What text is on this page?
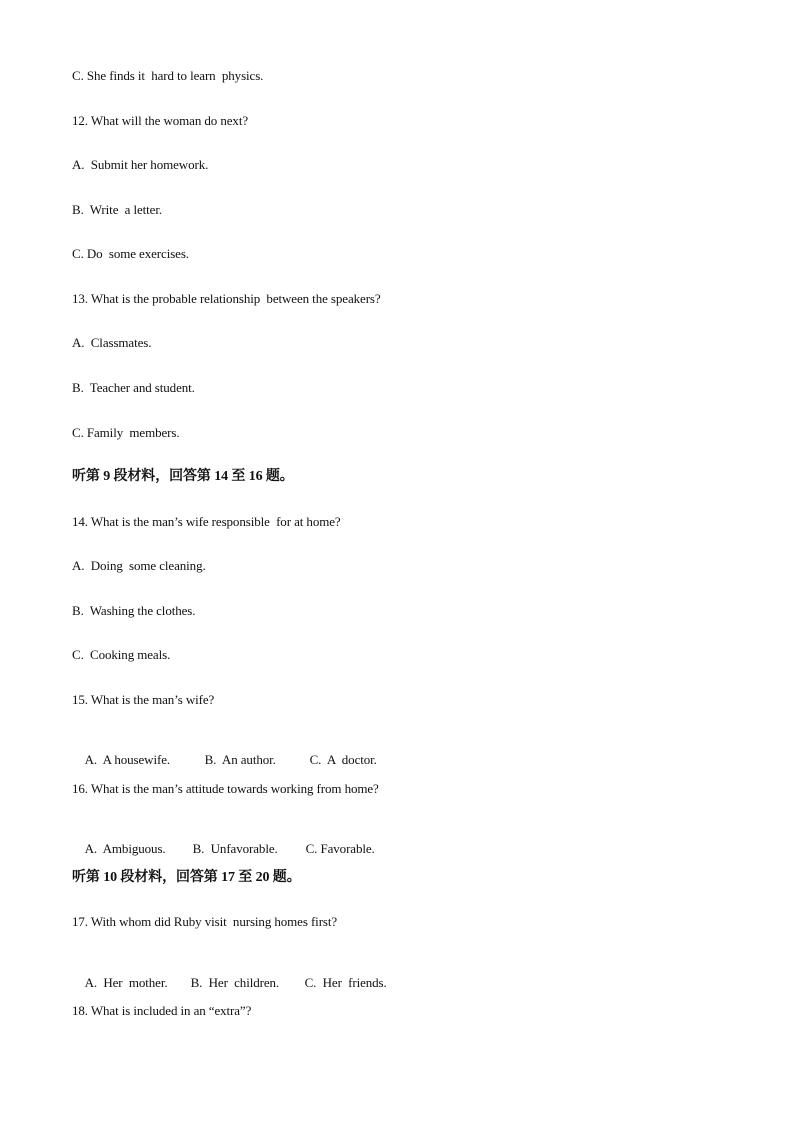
C. She finds it  hard to learn  physics.
12. What will the woman do next?
A.  Submit her homework.
B.  Write  a letter.
C. Do  some exercises.
13. What is the probable relationship  between the speakers?
A.  Classmates.
B.  Teacher and student.
C. Family  members.
听第 9 段材料，回答第 14 至 16 题。
14. What is the man’s wife responsible  for at home?
A.  Doing  some cleaning.
B.  Washing the clothes.
C.  Cooking meals.
15. What is the man’s wife?

A.  A housewife.	B.  An author.	C.  A  doctor.

16. What is the man’s attitude towards working from home?

A.  Ambiguous. B.  Unfavorable. C. Favorable.

听第 10 段材料，回答第 17 至 20 题。
17. With whom did Ruby visit  nursing homes first?

A.  Her  mother. B.  Her  children. C.  Her  friends.

18. What is included in an “extra”?
